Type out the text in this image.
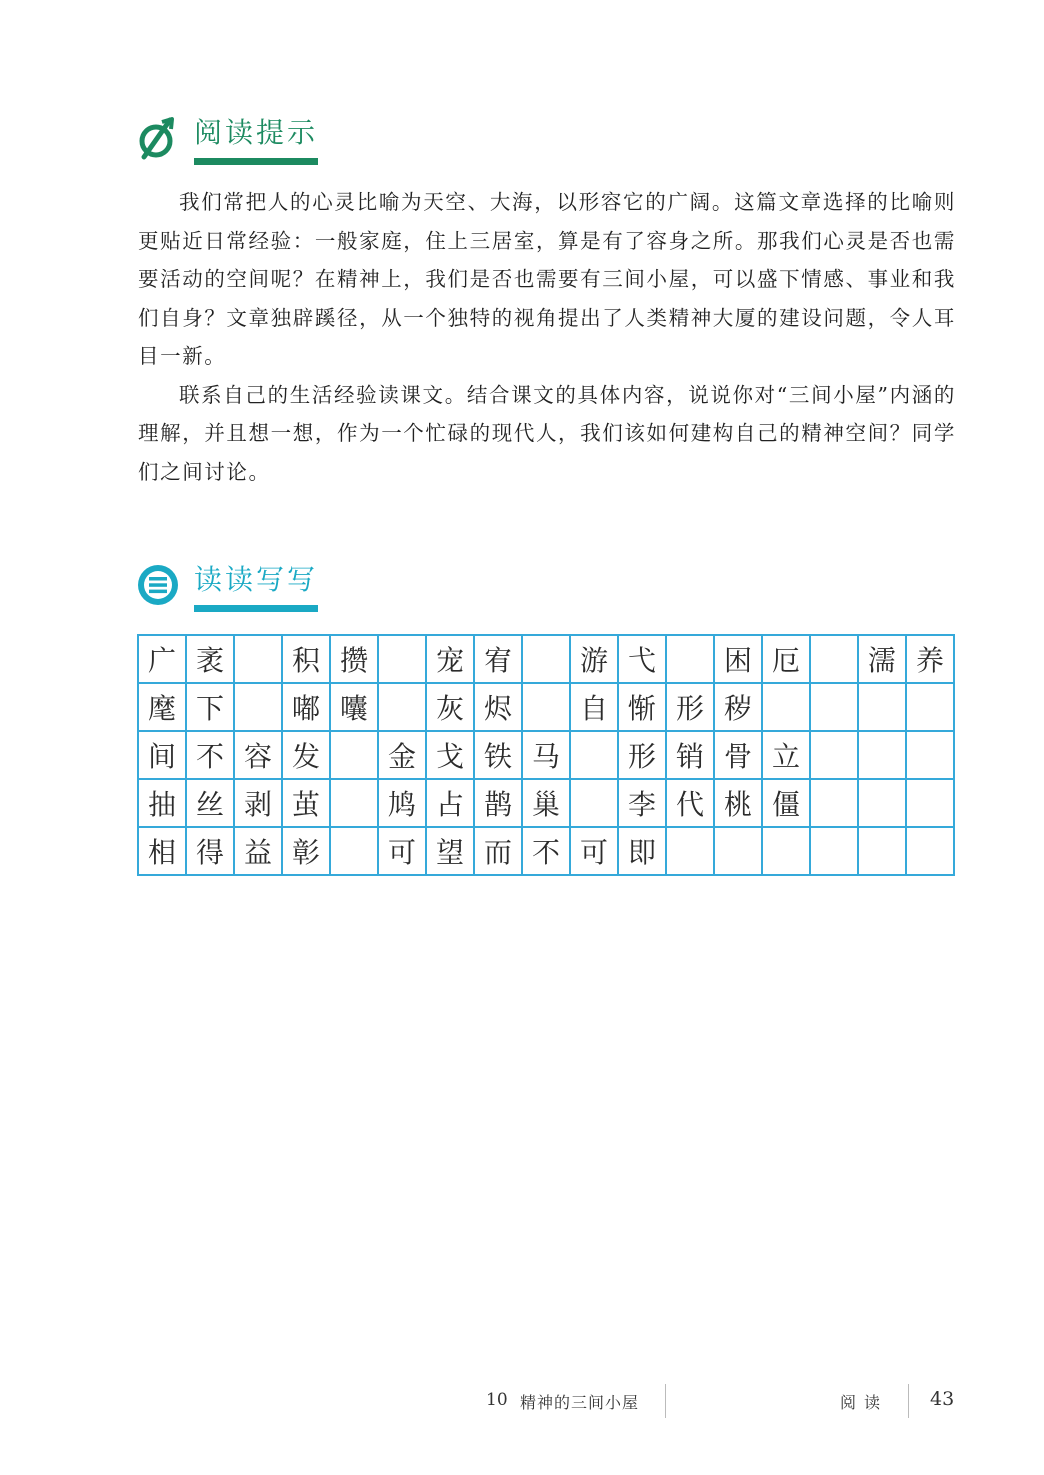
阅读提示

我们常把人的心灵比喻为天空、大海，以形容它的广阔。这篇文章选择的比喻则更贴近日常经验：一般家庭，住上三居室，算是有了容身之所。那我们心灵是否也需要活动的空间呢？在精神上，我们是否也需要有三间小屋，可以盛下情感、事业和我们自身？文章独辟蹊径，从一个独特的视角提出了人类精神大厦的建设问题，令人耳目一新。

联系自己的生活经验读课文。结合课文的具体内容，说说你对“三间小屋”内涵的理解，并且想一想，作为一个忙碌的现代人，我们该如何建构自己的精神空间？同学们之间讨论。

读读写写
广 袤	积 攒	宠 宥	游 弋	困 厄	濡 养
麾 下	嘟 囔	灰 烬	自 惭 形 秽
间 不 容 发	金 戈 铁 马	形 销 骨 立
抽 丝 剥 茧	鸠 占 鹊 巢	李 代 桃 僵
相 得 益 彰	可 望 而 不 可 即
10 精神的三间小屋	阅读 43
